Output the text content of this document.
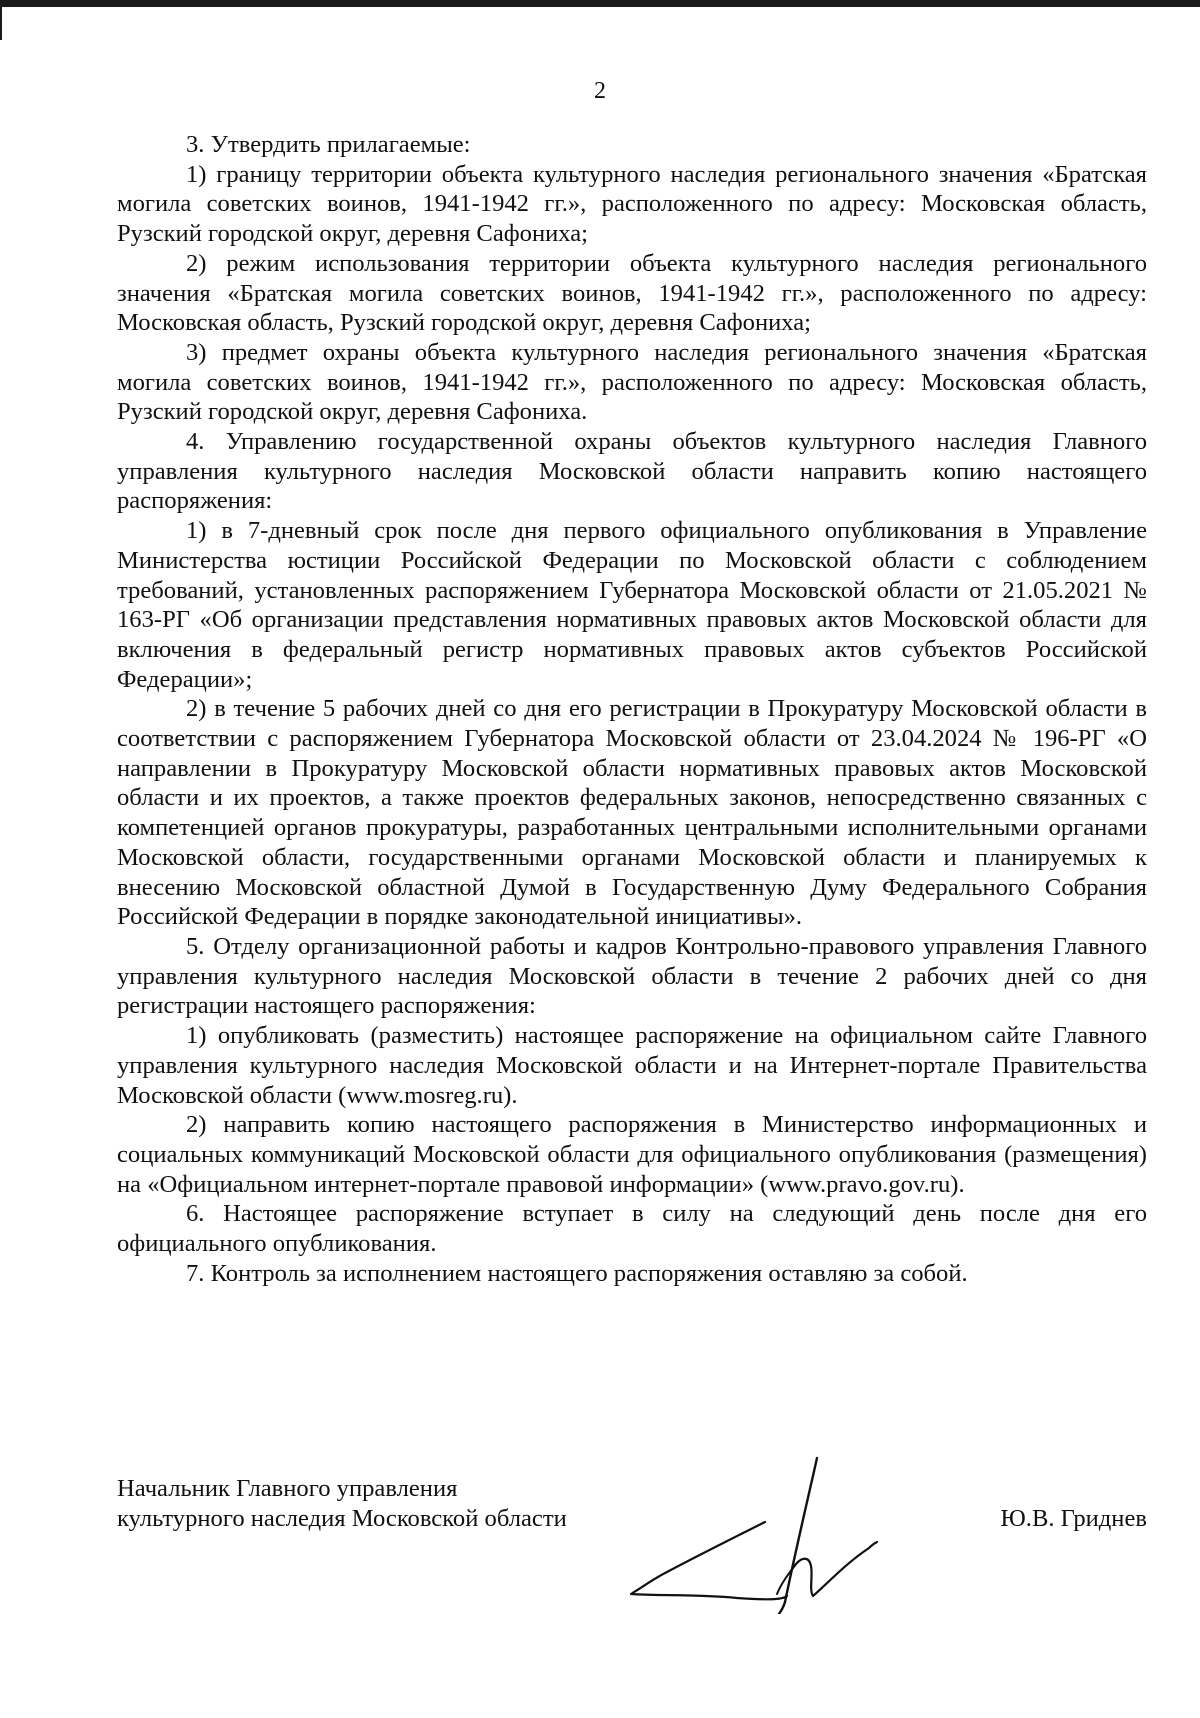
2

3. Утвердить прилагаемые:

1) границу территории объекта культурного наследия регионального значения «Братская могила советских воинов, 1941-1942 гг.», расположенного по адресу: Московская область, Рузский городской округ, деревня Сафониха;

2) режим использования территории объекта культурного наследия регионального значения «Братская могила советских воинов, 1941-1942 гг.», расположенного по адресу: Московская область, Рузский городской округ, деревня Сафониха;

3) предмет охраны объекта культурного наследия регионального значения «Братская могила советских воинов, 1941-1942 гг.», расположенного по адресу: Московская область, Рузский городской округ, деревня Сафониха.

4. Управлению государственной охраны объектов культурного наследия Главного управления культурного наследия Московской области направить копию настоящего распоряжения:

1) в 7-дневный срок после дня первого официального опубликования в Управление Министерства юстиции Российской Федерации по Московской области с соблюдением требований, установленных распоряжением Губернатора Московской области от 21.05.2021 № 163-РГ «Об организации представления нормативных правовых актов Московской области для включения в федеральный регистр нормативных правовых актов субъектов Российской Федерации»;

2) в течение 5 рабочих дней со дня его регистрации в Прокуратуру Московской области в соответствии с распоряжением Губернатора Московской области от 23.04.2024 № 196-РГ «О направлении в Прокуратуру Московской области нормативных правовых актов Московской области и их проектов, а также проектов федеральных законов, непосредственно связанных с компетенцией органов прокуратуры, разработанных центральными исполнительными органами Московской области, государственными органами Московской области и планируемых к внесению Московской областной Думой в Государственную Думу Федерального Собрания Российской Федерации в порядке законодательной инициативы».

5. Отделу организационной работы и кадров Контрольно-правового управления Главного управления культурного наследия Московской области в течение 2 рабочих дней со дня регистрации настоящего распоряжения:

1) опубликовать (разместить) настоящее распоряжение на официальном сайте Главного управления культурного наследия Московской области и на Интернет-портале Правительства Московской области (www.mosreg.ru).

2) направить копию настоящего распоряжения в Министерство информационных и социальных коммуникаций Московской области для официального опубликования (размещения) на «Официальном интернет-портале правовой информации» (www.pravo.gov.ru).

6. Настоящее распоряжение вступает в силу на следующий день после дня его официального опубликования.

7. Контроль за исполнением настоящего распоряжения оставляю за собой.

Начальник Главного управления
культурного наследия Московской области	Ю.В. Гриднев
